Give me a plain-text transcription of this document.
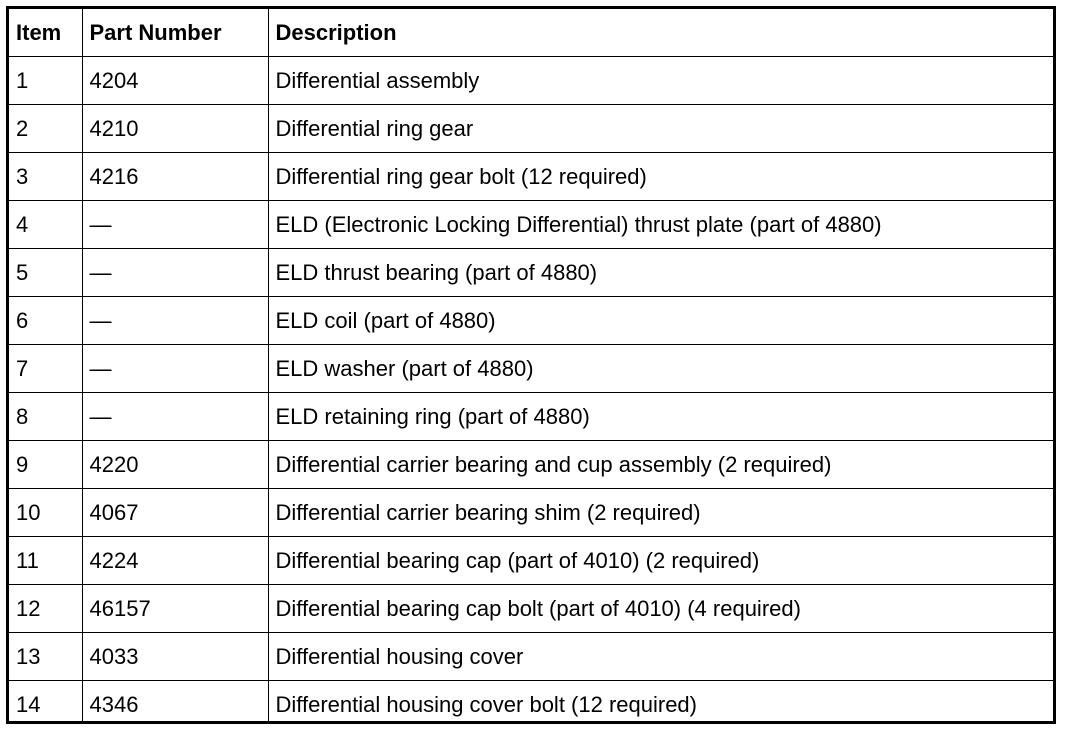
Item	Part Number	Description
1	4204	Differential assembly
2	4210	Differential ring gear
3	4216	Differential ring gear bolt (12 required)
4	—	ELD (Electronic Locking Differential) thrust plate (part of 4880)
5	—	ELD thrust bearing (part of 4880)
6	—	ELD coil (part of 4880)
7	—	ELD washer (part of 4880)
8	—	ELD retaining ring (part of 4880)
9	4220	Differential carrier bearing and cup assembly (2 required)
10	4067	Differential carrier bearing shim (2 required)
11	4224	Differential bearing cap (part of 4010) (2 required)
12	46157	Differential bearing cap bolt (part of 4010) (4 required)
13	4033	Differential housing cover
14	4346	Differential housing cover bolt (12 required)
